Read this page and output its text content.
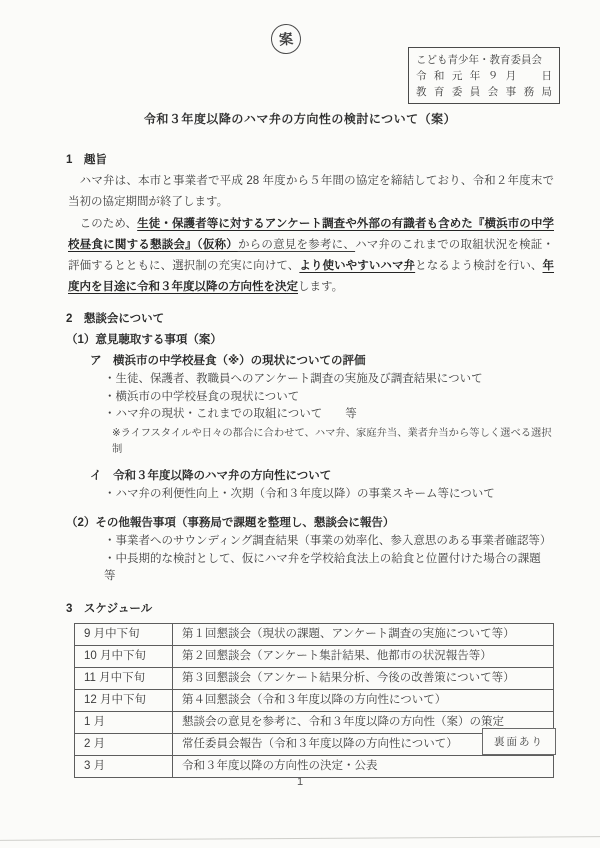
案
こども青少年・教育委員会
令和元年９月　日
教育委員会事務局
令和３年度以降のハマ弁の方向性の検討について（案）
1　趣旨
　ハマ弁は、本市と事業者で平成 28 年度から５年間の協定を締結しており、令和２年度末で当初の協定期間が終了します。
　このため、生徒・保護者等に対するアンケート調査や外部の有識者も含めた『横浜市の中学校昼食に関する懇談会』（仮称）からの意見を参考に、ハマ弁のこれまでの取組状況を検証・評価するとともに、選択制の充実に向けて、より使いやすいハマ弁となるよう検討を行い、年度内を目途に令和３年度以降の方向性を決定します。
2　懇談会について
（1）意見聴取する事項（案）
ア　横浜市の中学校昼食（※）の現状についての評価
・生徒、保護者、教職員へのアンケート調査の実施及び調査結果について
・横浜市の中学校昼食の現状について
・ハマ弁の現状・これまでの取組について　　等
※ライフスタイルや日々の都合に合わせて、ハマ弁、家庭弁当、業者弁当から等しく選べる選択制
イ　令和３年度以降のハマ弁の方向性について
・ハマ弁の利便性向上・次期（令和３年度以降）の事業スキーム等について
（2）その他報告事項（事務局で課題を整理し、懇談会に報告）
・事業者へのサウンディング調査結果（事業の効率化、参入意思のある事業者確認等）
・中長期的な検討として、仮にハマ弁を学校給食法上の給食と位置付けた場合の課題　　等
3　スケジュール
9 月中下旬	第１回懇談会（現状の課題、アンケート調査の実施について等）
10 月中下旬	第２回懇談会（アンケート集計結果、他都市の状況報告等）
11 月中下旬	第３回懇談会（アンケート結果分析、今後の改善策について等）
12 月中下旬	第４回懇談会（令和３年度以降の方向性について）
1 月	懇談会の意見を参考に、令和３年度以降の方向性（案）の策定
2 月	常任委員会報告（令和３年度以降の方向性について）
3 月	令和３年度以降の方向性の決定・公表
裏面あり
1
